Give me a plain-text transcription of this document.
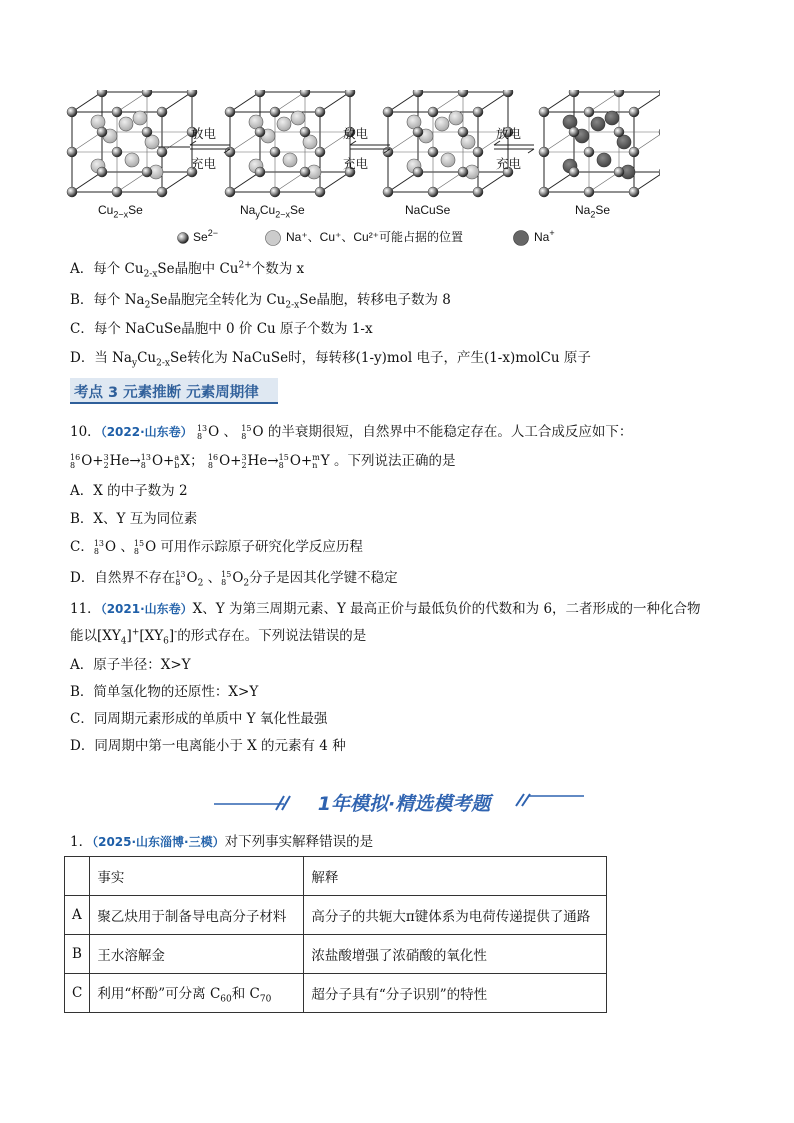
放电
充电
放电
充电
放电
充电
$Cu_{2-x}Se$	$Na_yCu_{2-x}Se$	NaCuSe	$Na_2Se$
$Se^{2-}$	Na⁺、Cu⁺、Cu²⁺可能占据的位置	Na+
A．每个 $Cu_{2-x}Se$晶胞中 $Cu^{2+}$个数为 x
B．每个 $Na_2Se$晶胞完全转化为 $Cu_{2-x}Se$晶胞，转移电子数为 8
C．每个 NaCuSe晶胞中 0 价 Cu 原子个数为 1-x
D．当 $Na_yCu_{2-x}Se$转化为 NaCuSe时，每转移(1-y)mol 电子，产生(1-x)molCu 原子
考点 3 元素推断 元素周期律
10．（2022·山东卷） 13
8 O 、 15
8 O 的半衰期很短，自然界中不能稳定存在。人工合成反应如下：
16
8 O+ 3
2 He→ 13
8 O+ a
b X； 16
8 O+ 3
2 He→ 15
8 O+ m
n Y 。下列说法正确的是
A．X 的中子数为 2
B．X、Y 互为同位素
C． 13
8 O 、 15
8 O 可用作示踪原子研究化学反应历程
D．自然界不存在 13
8 $O_2$ 、 15
8 $O_2$分子是因其化学键不稳定
11．（2021·山东卷）X、Y 为第三周期元素、Y 最高正价与最低负价的代数和为 6，二者形成的一种化合物
能以$[XY_4]^+[XY_6]^-$的形式存在。下列说法错误的是
A．原子半径：X>Y
B．简单氢化物的还原性：X>Y
C．同周期元素形成的单质中 Y 氧化性最强
D．同周期中第一电离能小于 X 的元素有 4 种
1年模拟·精选模考题
1．（2025·山东淄博·三模）对下列事实解释错误的是
	事实	解释
A	聚乙炔用于制备导电高分子材料	高分子的共轭大π键体系为电荷传递提供了通路
B	王水溶解金	浓盐酸增强了浓硝酸的氧化性
C	利用“杯酚”可分离 $C_{60}$和 $C_{70}$	超分子具有“分子识别”的特性
